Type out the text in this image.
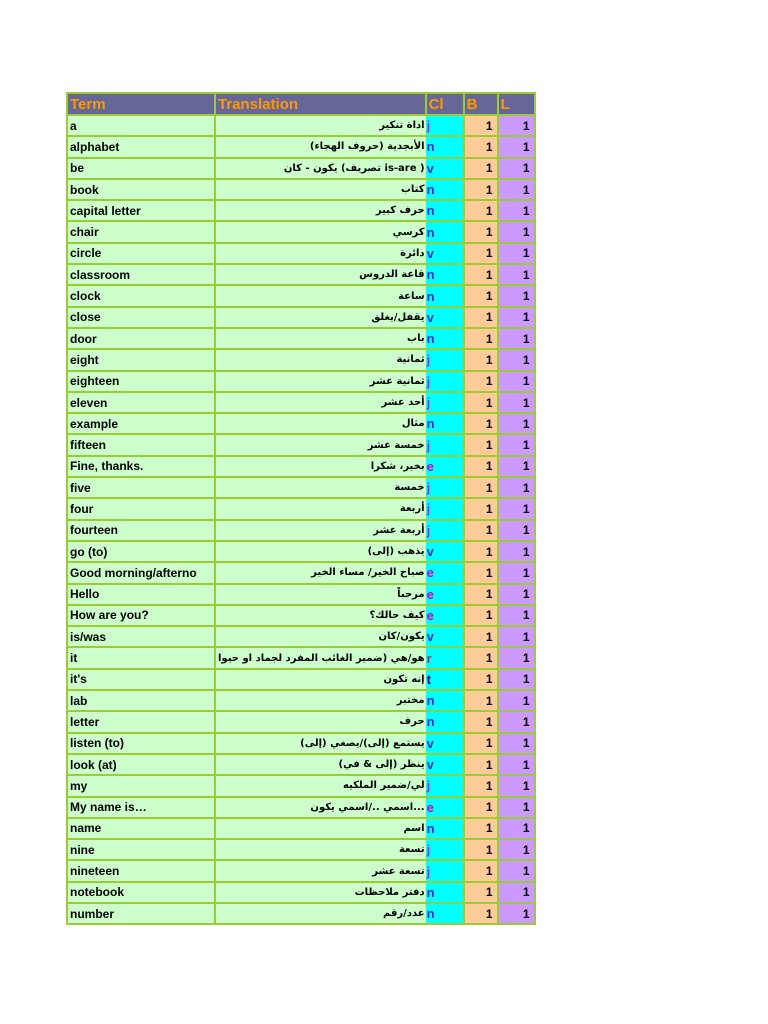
Term	Translation	Cl	B	L
a	اداة تنكير	j	1	1
alphabet	الأبجدية (حروف الهجاء)	n	1	1
be	( is-are تصريف) يكون - كان	v	1	1
book	كتاب	n	1	1
capital letter	حرف كبير	n	1	1
chair	كرسي	n	1	1
circle	دائرة	v	1	1
classroom	قاعة الدروس	n	1	1
clock	ساعة	n	1	1
close	يقفل/يغلق	v	1	1
door	باب	n	1	1
eight	ثمانية	j	1	1
eighteen	ثمانية عشر	j	1	1
eleven	أحد عشر	j	1	1
example	مثال	n	1	1
fifteen	خمسة عشر	j	1	1
Fine, thanks.	بخير، شكرا	e	1	1
five	خمسة	j	1	1
four	أربعة	j	1	1
fourteen	أربعة عشر	j	1	1
go (to)	يذهب (إلى)	v	1	1
Good morning/afterno	صباح الخير/ مساء الخير	e	1	1
Hello	مرحباً	e	1	1
How are you?	كيف حالك؟	e	1	1
is/was	يكون/كان	v	1	1
it	هو/هي (ضمير الغائب المفرد لجماد او حيوا	r	1	1
it's	إنه تكون	t	1	1
lab	مختبر	n	1	1
letter	حرف	n	1	1
listen (to)	يستمع (إلى)/يصغي (إلى)	v	1	1
look (at)	ينظر (إلى & في)	v	1	1
my	لي/ضمير الملكيه	j	1	1
My name is…	...اسمي ../اسمي يكون	e	1	1
name	اسم	n	1	1
nine	تسعة	j	1	1
nineteen	تسعة عشر	j	1	1
notebook	دفتر ملاحظات	n	1	1
number	عدد/رقم	n	1	1
